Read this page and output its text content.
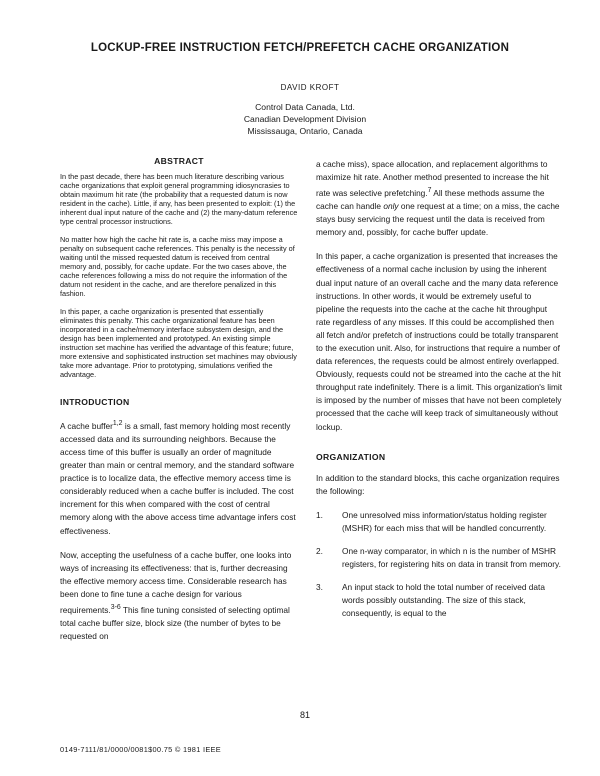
LOCKUP-FREE INSTRUCTION FETCH/PREFETCH CACHE ORGANIZATION
DAVID KROFT
Control Data Canada, Ltd.
Canadian Development Division
Mississauga, Ontario, Canada
ABSTRACT

In the past decade, there has been much literature describing various cache organizations that exploit general programming idiosyncrasies to obtain maximum hit rate (the probability that a requested datum is now resident in the cache). Little, if any, has been presented to exploit: (1) the inherent dual input nature of the cache and (2) the many-datum reference type central processor instructions.

No matter how high the cache hit rate is, a cache miss may impose a penalty on subsequent cache references. This penalty is the necessity of waiting until the missed requested datum is received from central memory and, possibly, for cache update. For the two cases above, the cache references following a miss do not require the information of the datum not resident in the cache, and are therefore penalized in this fashion.

In this paper, a cache organization is presented that essentially eliminates this penalty. This cache organizational feature has been incorporated in a cache/memory interface subsystem design, and the design has been implemented and prototyped. An existing simple instruction set machine has verified the advantage of this feature; future, more extensive and sophisticated instruction set machines may obviously take more advantage. Prior to prototyping, simulations verified the advantage.

INTRODUCTION

A cache buffer$^{1,2}$ is a small, fast memory holding most recently accessed data and its surrounding neighbors. Because the access time of this buffer is usually an order of magnitude greater than main or central memory, and the standard software practice is to localize data, the effective memory access time is considerably reduced when a cache buffer is included. The cost increment for this when compared with the cost of central memory along with the above access time advantage infers cost effectiveness.

Now, accepting the usefulness of a cache buffer, one looks into ways of increasing its effectiveness: that is, further decreasing the effective memory access time. Considerable research has been done to fine tune a cache design for various requirements.$^{3-6}$ This fine tuning consisted of selecting optimal total cache buffer size, block size (the number of bytes to be requested on

a cache miss), space allocation, and replacement algorithms to maximize hit rate. Another method presented to increase the hit rate was selective prefetching.$^7$ All these methods assume the cache can handle only one request at a time; on a miss, the cache stays busy servicing the request until the data is received from memory and, possibly, for cache buffer update.

In this paper, a cache organization is presented that increases the effectiveness of a normal cache inclusion by using the inherent dual input nature of an overall cache and the many data reference instructions. In other words, it would be extremely useful to pipeline the requests into the cache at the cache hit throughput rate regardless of any misses. If this could be accomplished then all fetch and/or prefetch of instructions could be totally transparent to the execution unit. Also, for instructions that require a number of data references, the requests could be almost entirely overlapped. Obviously, requests could not be streamed into the cache at the hit throughput rate indefinitely. There is a limit. This organization's limit is imposed by the number of misses that have not been completely processed that the cache will keep track of simultaneously without lockup.

ORGANIZATION

In addition to the standard blocks, this cache organization requires the following:

1. One unresolved miss information/status holding register (MSHR) for each miss that will be handled concurrently.
2. One n-way comparator, in which n is the number of MSHR registers, for registering hits on data in transit from memory.
3. An input stack to hold the total number of received data words possibly outstanding. The size of this stack, consequently, is equal to the
81
0149-7111/81/0000/0081$00.75 © 1981 IEEE
